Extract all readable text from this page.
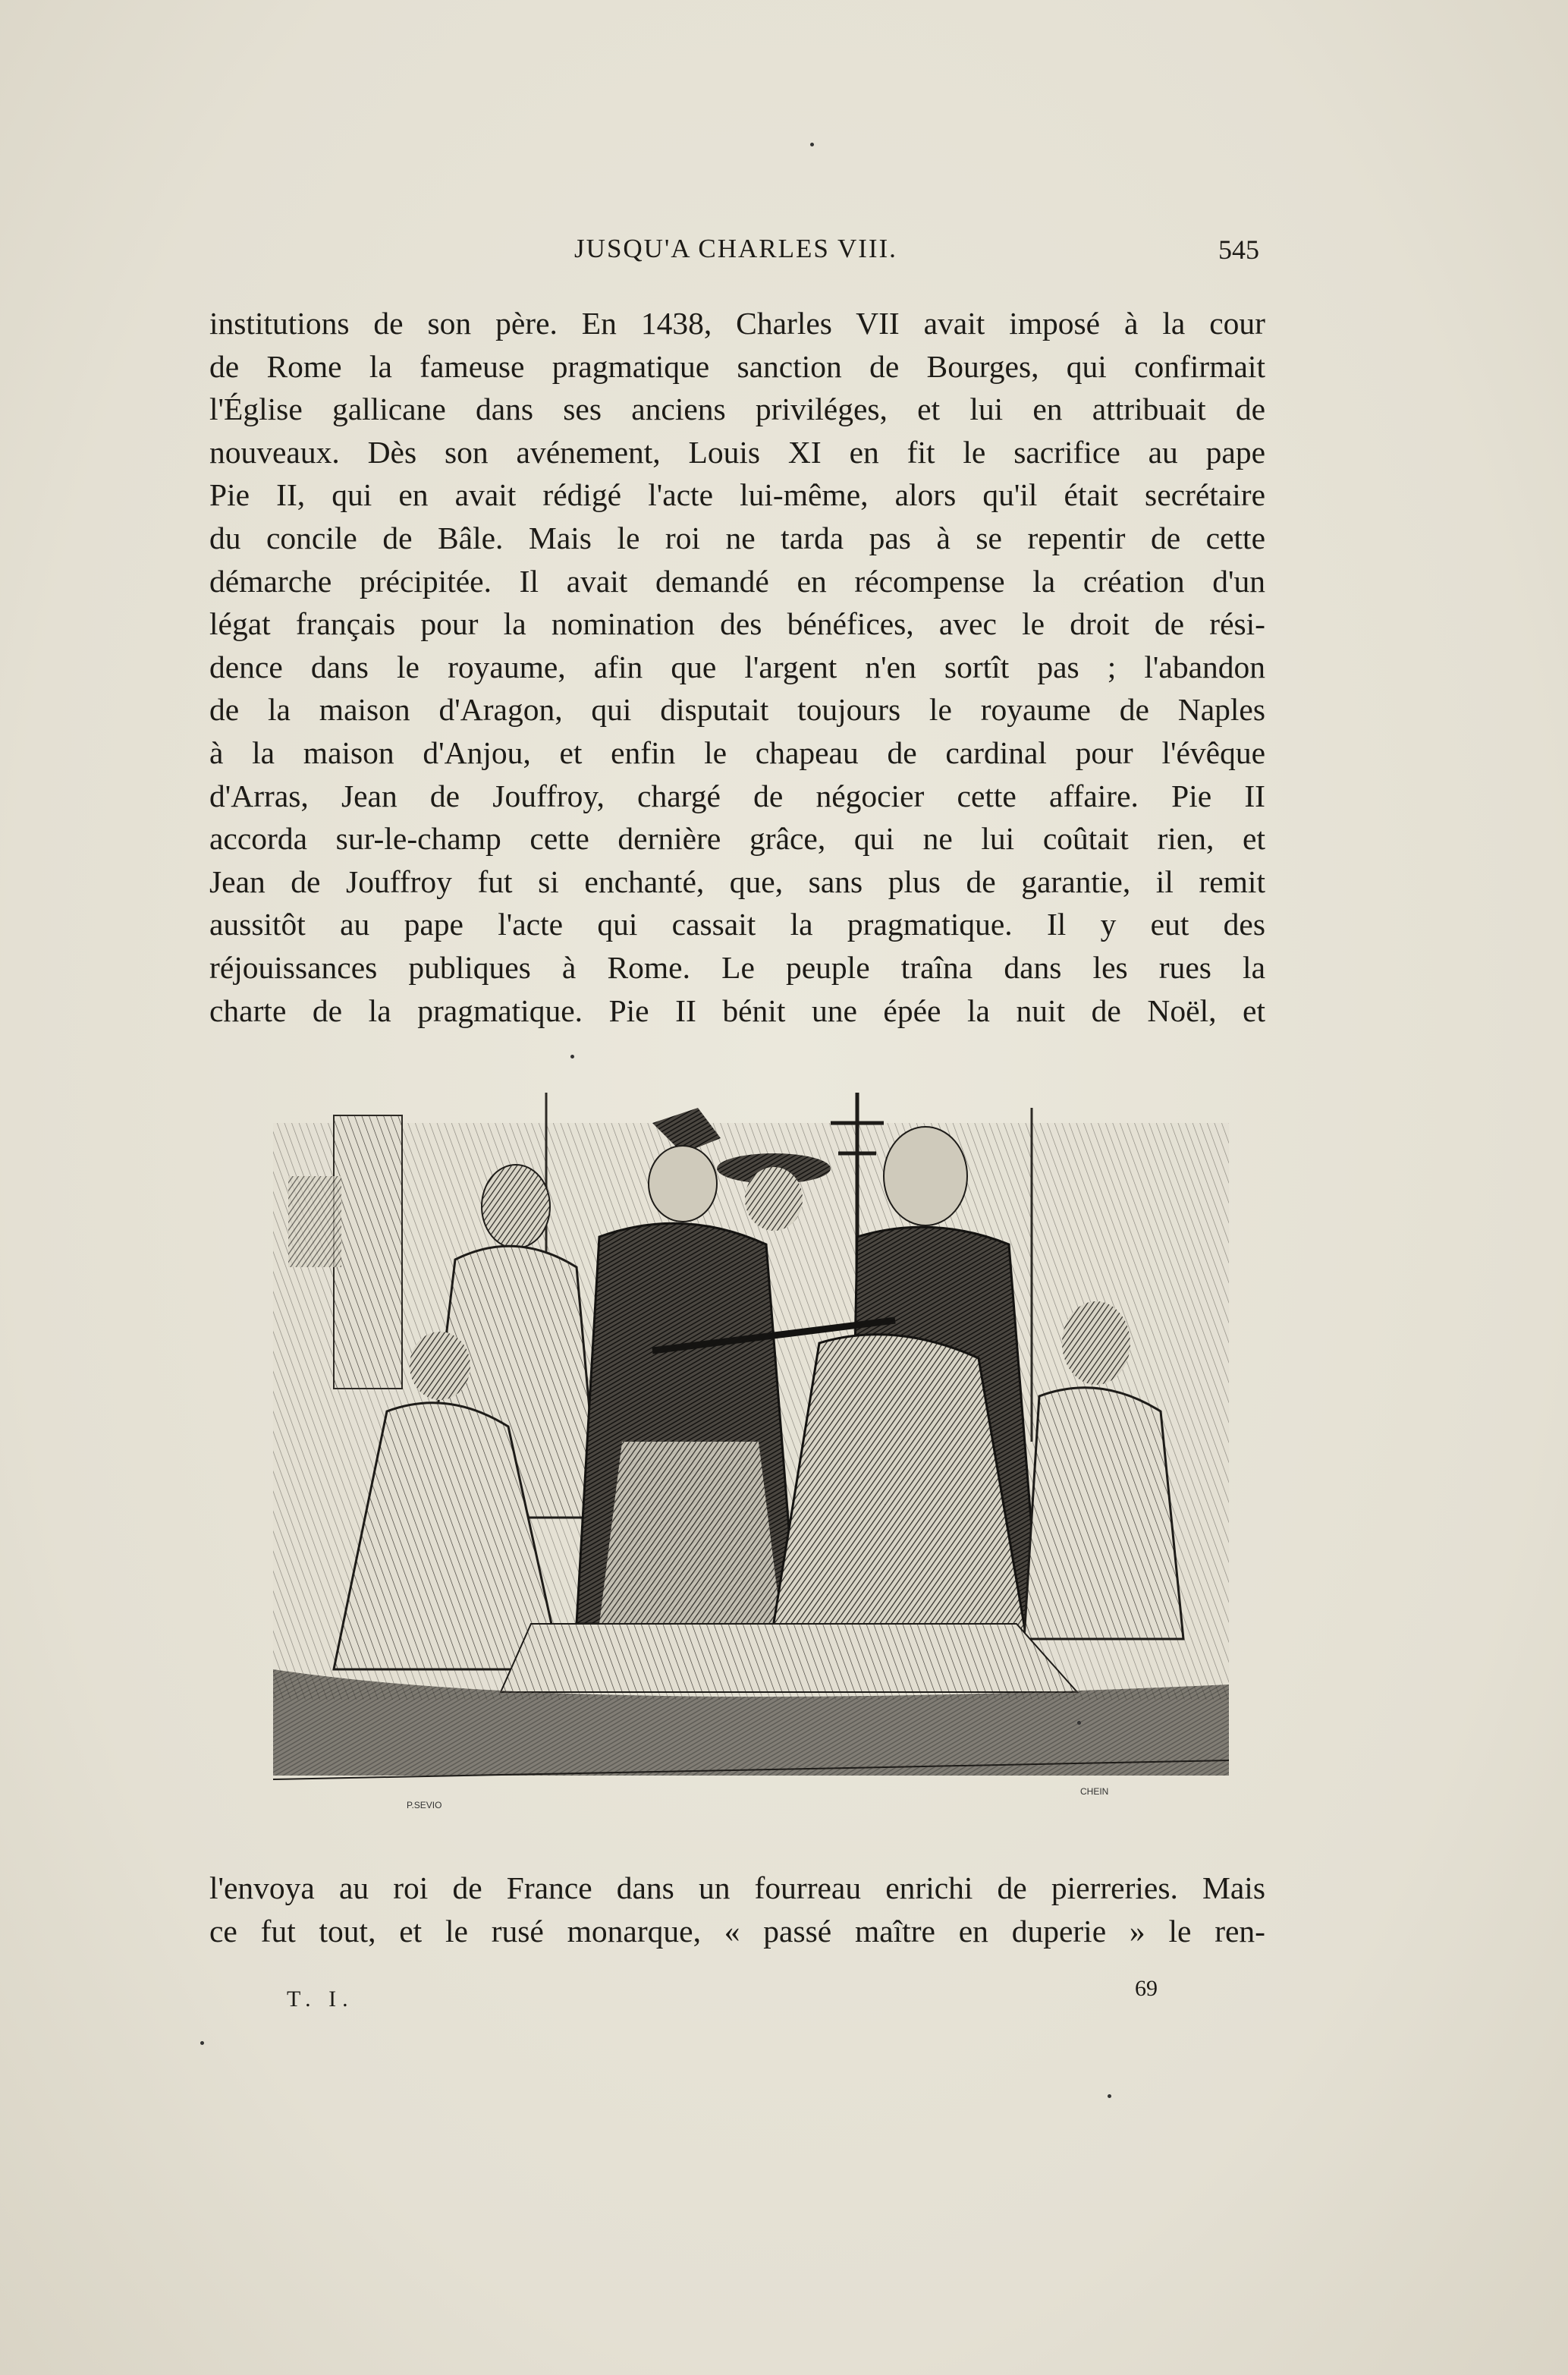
JUSQU'A CHARLES VIII.	545
institutions de son père. En 1438, Charles VII avait imposé à la cour
de Rome la fameuse pragmatique sanction de Bourges, qui confirmait
l'Église gallicane dans ses anciens priviléges, et lui en attribuait de
nouveaux. Dès son avénement, Louis XI en fit le sacrifice au pape
Pie II, qui en avait rédigé l'acte lui-même, alors qu'il était secrétaire
du concile de Bâle. Mais le roi ne tarda pas à se repentir de cette
démarche précipitée. Il avait demandé en récompense la création d'un
légat français pour la nomination des bénéfices, avec le droit de rési-
dence dans le royaume, afin que l'argent n'en sortît pas ; l'abandon
de la maison d'Aragon, qui disputait toujours le royaume de Naples
à la maison d'Anjou, et enfin le chapeau de cardinal pour l'évêque
d'Arras, Jean de Jouffroy, chargé de négocier cette affaire. Pie II
accorda sur-le-champ cette dernière grâce, qui ne lui coûtait rien, et
Jean de Jouffroy fut si enchanté, que, sans plus de garantie, il remit
aussitôt au pape l'acte qui cassait la pragmatique. Il y eut des
réjouissances publiques à Rome. Le peuple traîna dans les rues la
charte de la pragmatique. Pie II bénit une épée la nuit de Noël, et
P.SEVIO
CHEIN
l'envoya au roi de France dans un fourreau enrichi de pierreries. Mais
ce fut tout, et le rusé monarque, « passé maître en duperie » le ren-
T. I.	69
